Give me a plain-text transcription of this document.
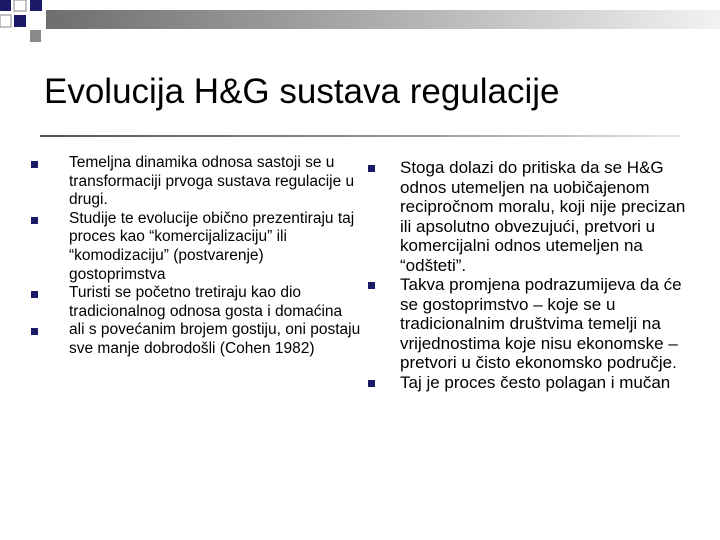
Evolucija H&G sustava regulacije
Temeljna dinamika odnosa sastoji se u transformaciji prvoga sustava regulacije u drugi.
Studije te evolucije obično prezentiraju taj proces kao “komercijalizaciju” ili “komodizaciju” (postvarenje) gostoprimstva
Turisti se početno tretiraju kao dio tradicionalnog odnosa gosta i domaćina
ali s povećanim brojem gostiju, oni postaju sve manje dobrodošli (Cohen 1982)
Stoga dolazi do pritiska da se H&G odnos utemeljen na uobičajenom recipročnom moralu, koji nije precizan ili apsolutno obvezujući, pretvori u komercijalni odnos utemeljen na “odšteti”.
Takva promjena podrazumijeva da će se gostoprimstvo – koje se u tradicionalnim društvima temelji na vrijednostima koje nisu ekonomske – pretvori u čisto ekonomsko područje.
Taj je proces često polagan i mučan
